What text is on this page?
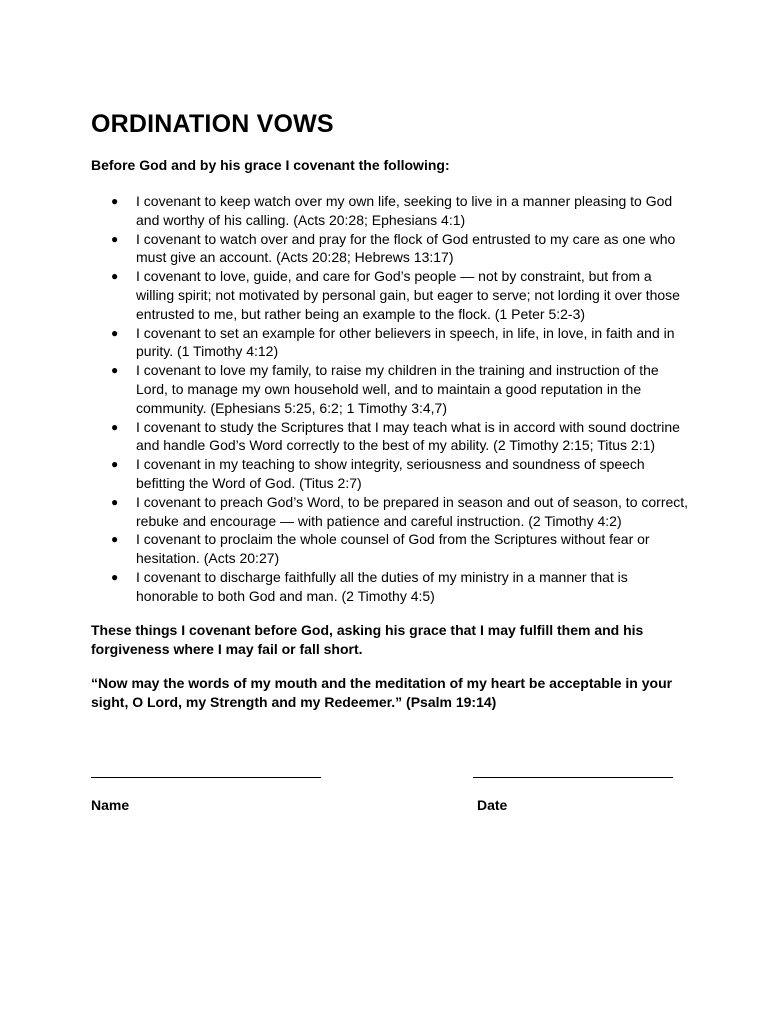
ORDINATION VOWS

Before God and by his grace I covenant the following:

● I covenant to keep watch over my own life, seeking to live in a manner pleasing to God and worthy of his calling. (Acts 20:28; Ephesians 4:1)
● I covenant to watch over and pray for the flock of God entrusted to my care as one who must give an account. (Acts 20:28; Hebrews 13:17)
● I covenant to love, guide, and care for God’s people — not by constraint, but from a willing spirit; not motivated by personal gain, but eager to serve; not lording it over those entrusted to me, but rather being an example to the flock. (1 Peter 5:2-3)
● I covenant to set an example for other believers in speech, in life, in love, in faith and in purity. (1 Timothy 4:12)
● I covenant to love my family, to raise my children in the training and instruction of the Lord, to manage my own household well, and to maintain a good reputation in the community. (Ephesians 5:25, 6:2; 1 Timothy 3:4,7)
● I covenant to study the Scriptures that I may teach what is in accord with sound doctrine and handle God’s Word correctly to the best of my ability. (2 Timothy 2:15; Titus 2:1)
● I covenant in my teaching to show integrity, seriousness and soundness of speech befitting the Word of God. (Titus 2:7)
● I covenant to preach God’s Word, to be prepared in season and out of season, to correct, rebuke and encourage — with patience and careful instruction. (2 Timothy 4:2)
● I covenant to proclaim the whole counsel of God from the Scriptures without fear or hesitation. (Acts 20:27)
● I covenant to discharge faithfully all the duties of my ministry in a manner that is honorable to both God and man. (2 Timothy 4:5)

These things I covenant before God, asking his grace that I may fulfill them and his forgiveness where I may fail or fall short.

“Now may the words of my mouth and the meditation of my heart be acceptable in your sight, O Lord, my Strength and my Redeemer.” (Psalm 19:14)

Name	Date
